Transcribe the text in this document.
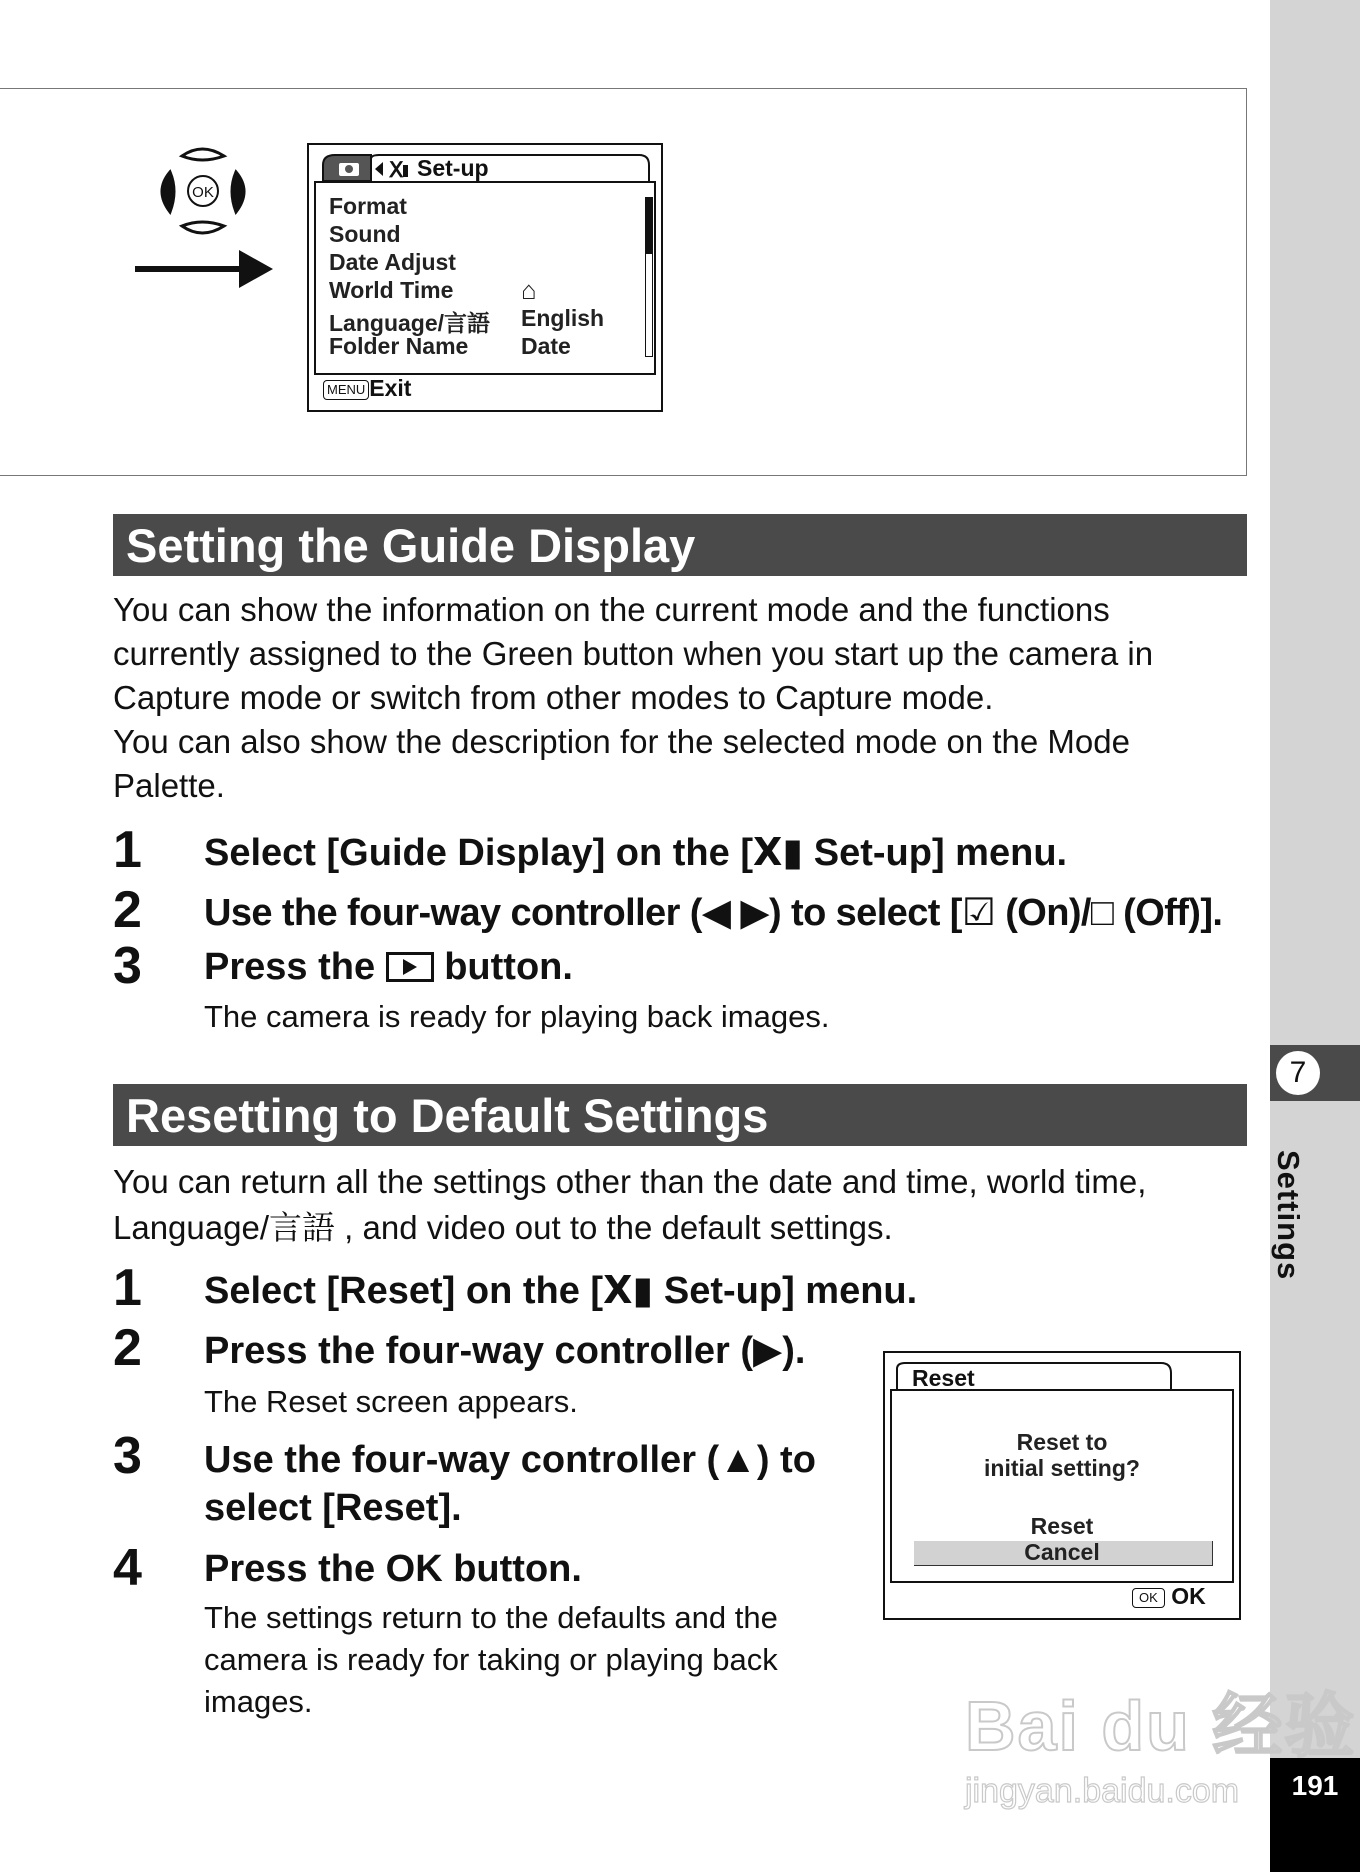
7
Settings
191
OK
Ⅹ Set-up
Format
Sound
Date Adjust
World Time	⌂
Language/言語 English
Folder Name Date
MENU Exit
Setting the Guide Display
You can show the information on the current mode and the functions
currently assigned to the Green button when you start up the camera in
Capture mode or switch from other modes to Capture mode.
You can also show the description for the selected mode on the Mode
Palette.
1 Select [Guide Display] on the [Ⅹ▮ Set-up] menu.
2 Use the four-way controller (◀ ▶) to select [☑ (On)/□ (Off)].
3 Press the
button.
The camera is ready for playing back images.
Resetting to Default Settings
You can return all the settings other than the date and time, world time,
Language/言語 , and video out to the default settings.
1 Select [Reset] on the [Ⅹ▮ Set-up] menu.
2 Press the four-way controller (▶).
The Reset screen appears.
3 Use the four-way controller (▲) to
select [Reset].
4 Press the OK button.
The settings return to the defaults and the
camera is ready for taking or playing back
images.
Reset
Reset to
initial setting?
Reset
Cancel
OK OK
Bai du 经验
jingyan.baidu.com
